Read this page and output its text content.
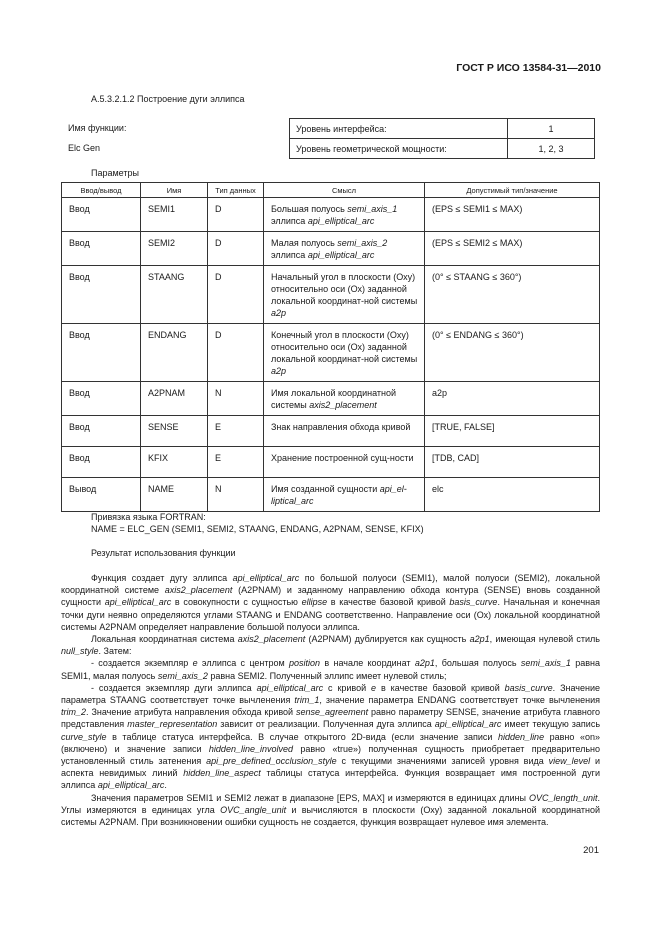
ГОСТ Р ИСО 13584-31—2010
A.5.3.2.1.2 Построение дуги эллипса
Имя функции:
Elc Gen
Уровень интерфейса:	1
Уровень геометрической мощности:	1, 2, 3
Параметры
Ввод/вывод	Имя	Тип данных	Смысл	Допустимый тип/значение
Ввод	SEMI1	D	Большая полуось semi_axis_1 эллипса api_elliptical_arc	(EPS ≤ SEMI1 ≤ MAX)
Ввод	SEMI2	D	Малая полуось semi_axis_2 эллипса api_elliptical_arc	(EPS ≤ SEMI2 ≤ MAX)
Ввод	STAANG	D	Начальный угол в плоскости (Оху) относительно оси (Ох) заданной локальной координат-ной системы a2p	(0° ≤ STAANG ≤ 360°)
Ввод	ENDANG	D	Конечный угол в плоскости (Оху) относительно оси (Ох) заданной локальной координат-ной системы a2p	(0° ≤ ENDANG ≤ 360°)
Ввод	A2PNAM	N	Имя локальной координатной системы axis2_placement	a2p
Ввод	SENSE	E	Знак направления обхода кривой	[TRUE, FALSE]
Ввод	KFIX	E	Хранение построенной сущ-ности	[TDB, CAD]
Вывод	NAME	N	Имя созданной сущности api_el-liptical_arc	elc
Привязка языка FORTRAN:
NAME = ELC_GEN (SEMI1, SEMI2, STAANG, ENDANG, A2PNAM, SENSE, KFIX)
Результат использования функции

Функция создает дугу эллипса api_elliptical_arc по большой полуоси (SEMI1), малой полуоси (SEMI2), локальной координатной системе axis2_placement (A2PNAM) и заданному направлению обхода контура (SENSE) вновь созданной сущности api_elliptical_arc в совокупности с сущностью ellipse в качестве базовой кривой basis_curve. Начальная и конечная точки дуги неявно определяются углами STAANG и ENDANG соответственно. Направление оси (Ох) локальной координатной системы A2PNAM определяет направление большой полуоси эллипса.

Локальная координатная система axis2_placement (A2PNAM) дублируется как сущность a2p1, имеющая нулевой стиль null_style. Затем:

- создается экземпляр e эллипса с центром position в начале координат a2p1, большая полуось semi_axis_1 равна SEMI1, малая полуось semi_axis_2 равна SEMI2. Полученный эллипс имеет нулевой стиль;

- создается экземпляр дуги эллипса api_elliptical_arc с кривой e в качестве базовой кривой basis_curve. Значение параметра STAANG соответствует точке вычленения trim_1, значение параметра ENDANG соответствует точке вычленения trim_2. Значение атрибута направления обхода кривой sense_agreement равно параметру SENSE, значение атрибута главного представления master_representation зависит от реализации. Полученная дуга эллипса api_elliptical_arc имеет текущую запись curve_style в таблице статуса интерфейса. В случае открытого 2D-вида (если значение записи hidden_line равно «on» (включено) и значение записи hidden_line_involved равно «true») полученная сущность приобретает предварительно установленный стиль затенения api_pre_defined_occlusion_style с текущими значениями записей уровня вида view_level и аспекта невидимых линий hidden_line_aspect таблицы статуса интерфейса. Функция возвращает имя построенной дуги эллипса api_elliptical_arc.

Значения параметров SEMI1 и SEMI2 лежат в диапазоне [EPS, MAX] и измеряются в единицах длины OVC_length_unit. Углы измеряются в единицах угла OVC_angle_unit и вычисляются в плоскости (Оху) заданной локальной координатной системы A2PNAM. При возникновении ошибки сущность не создается, функция возвращает нулевое имя элемента.

201
